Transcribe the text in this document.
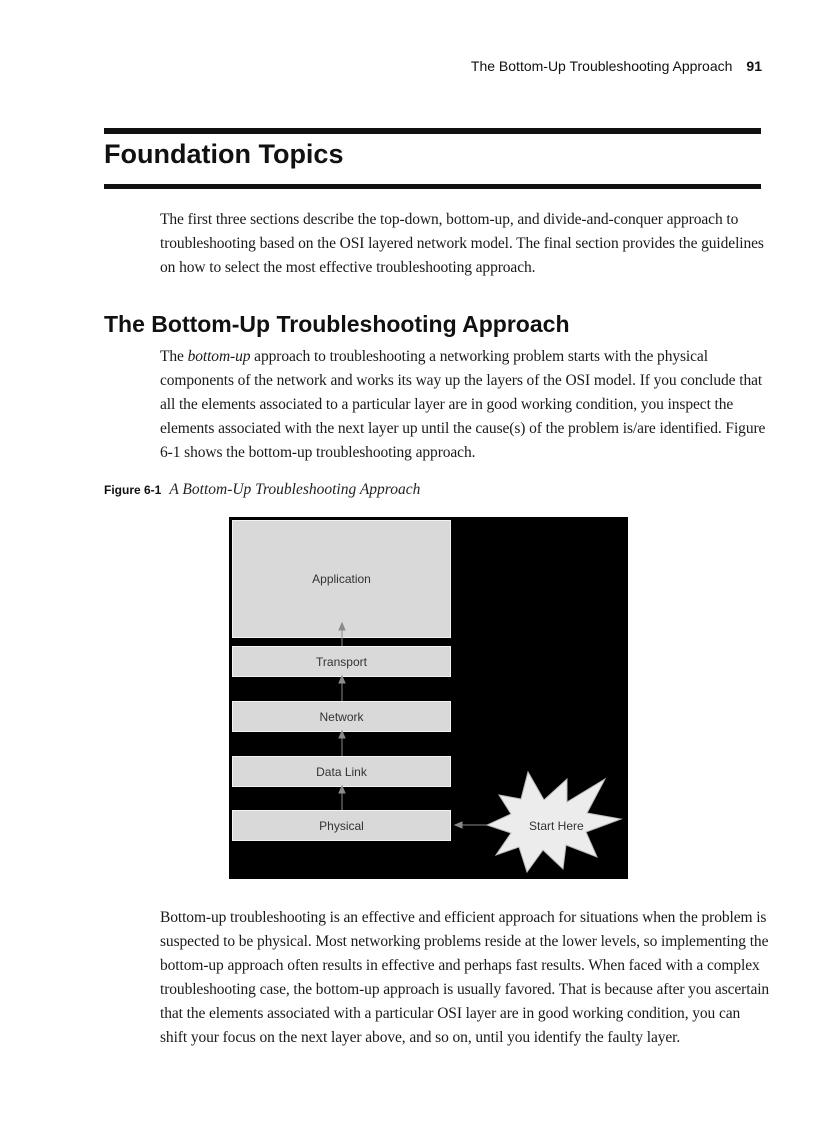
The Bottom-Up Troubleshooting Approach 91
Foundation Topics

The first three sections describe the top-down, bottom-up, and divide-and-conquer approach to troubleshooting based on the OSI layered network model. The final section provides the guidelines on how to select the most effective troubleshooting approach.

The Bottom-Up Troubleshooting Approach

The bottom-up approach to troubleshooting a networking problem starts with the physical components of the network and works its way up the layers of the OSI model. If you conclude that all the elements associated to a particular layer are in good working condition, you inspect the elements associated with the next layer up until the cause(s) of the problem is/are identified. Figure 6-1 shows the bottom-up troubleshooting approach.

Figure 6-1 A Bottom-Up Troubleshooting Approach
Application
Transport
Network
Data Link
Physical	Start Here

Bottom-up troubleshooting is an effective and efficient approach for situations when the problem is suspected to be physical. Most networking problems reside at the lower levels, so implementing the bottom-up approach often results in effective and perhaps fast results. When faced with a complex troubleshooting case, the bottom-up approach is usually favored. That is because after you ascertain that the elements associated with a particular OSI layer are in good working condition, you can shift your focus on the next layer above, and so on, until you identify the faulty layer.
